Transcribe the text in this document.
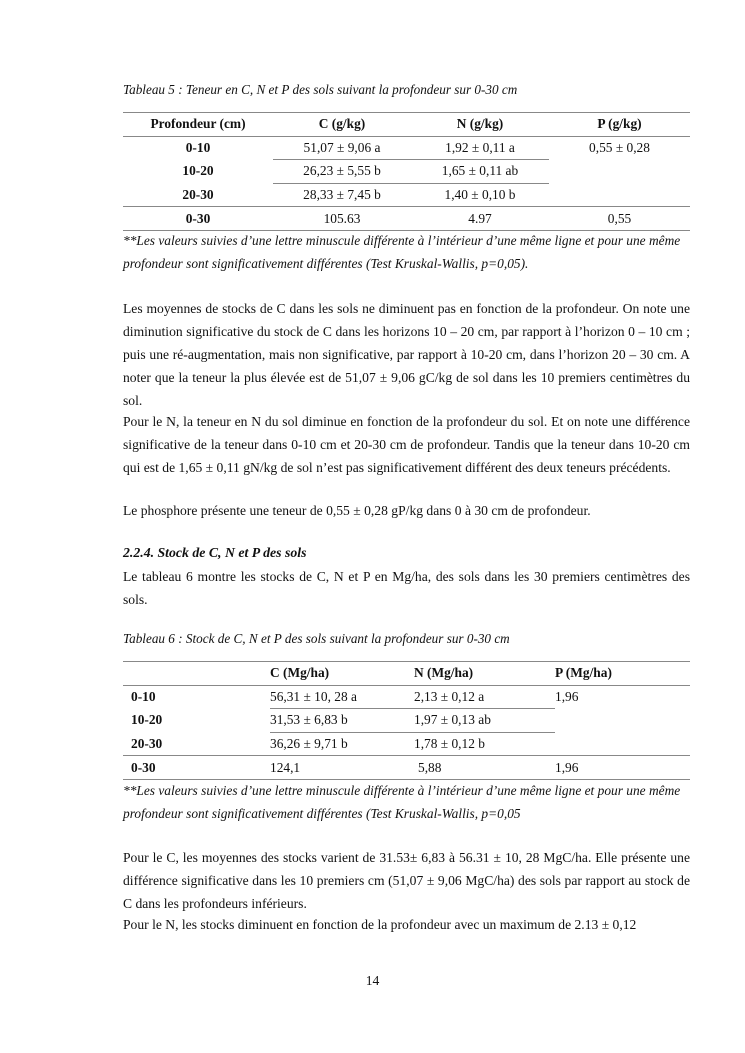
Tableau 5 : Teneur en C, N et P des sols suivant la profondeur sur 0-30 cm
Profondeur (cm)	C (g/kg)	N (g/kg)	P (g/kg)
0-10	51,07 ± 9,06 a	1,92 ± 0,11 a	0,55 ± 0,28
10-20	26,23 ± 5,55 b	1,65 ± 0,11 ab	
20-30	28,33 ± 7,45 b	1,40 ± 0,10 b	
0-30	105.63	4.97	0,55
**Les valeurs suivies d’une lettre minuscule différente à l’intérieur d’une même ligne et pour une même profondeur sont significativement différentes (Test Kruskal-Wallis, p=0,05).
Les moyennes de stocks de C dans les sols ne diminuent pas en fonction de la profondeur. On note une diminution significative du stock de C dans les horizons 10 – 20 cm, par rapport à l’horizon 0 – 10 cm ; puis une ré-augmentation, mais non significative, par rapport à 10-20 cm, dans l’horizon 20 – 30 cm. A noter que la teneur la plus élevée est de 51,07 ± 9,06 gC/kg de sol dans les 10 premiers centimètres du sol.
Pour le N, la teneur en N du sol diminue en fonction de la profondeur du sol. Et on note une différence significative de la teneur dans 0-10 cm et 20-30 cm de profondeur. Tandis que la teneur dans 10-20 cm qui est de 1,65 ± 0,11 gN/kg de sol n’est pas significativement différent des deux teneurs précédents.
Le phosphore présente une teneur de 0,55 ± 0,28 gP/kg dans 0 à 30 cm de profondeur.
2.2.4. Stock de C, N et P des sols
Le tableau 6 montre les stocks de C, N et P en Mg/ha, des sols dans les 30 premiers centimètres des sols.
Tableau 6 : Stock de C, N et P des sols suivant la profondeur sur 0-30 cm
	C (Mg/ha)	N (Mg/ha)	P (Mg/ha)
0-10	56,31 ± 10, 28 a	2,13 ± 0,12 a	1,96
10-20	31,53 ± 6,83 b	1,97 ± 0,13 ab	
20-30	36,26 ± 9,71 b	1,78 ± 0,12 b	
0-30	124,1	5,88	1,96
**Les valeurs suivies d’une lettre minuscule différente à l’intérieur d’une même ligne et pour une même profondeur sont significativement différentes (Test Kruskal-Wallis, p=0,05
Pour le C, les moyennes des stocks varient de 31.53± 6,83 à 56.31 ± 10, 28 MgC/ha. Elle présente une différence significative dans les 10 premiers cm (51,07 ± 9,06 MgC/ha) des sols par rapport au stock de C dans les profondeurs inférieurs.
Pour le N, les stocks diminuent en fonction de la profondeur avec un maximum de 2.13 ± 0,12
14
